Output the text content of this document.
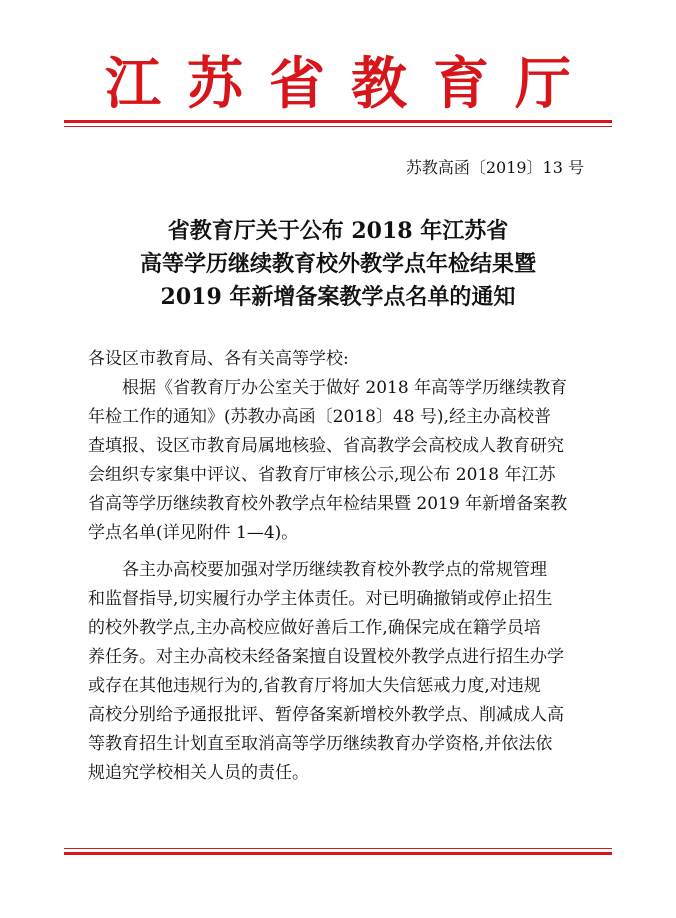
江苏省教育厅
苏教高函〔2019〕13 号
省教育厅关于公布 2018 年江苏省
高等学历继续教育校外教学点年检结果暨
2019 年新增备案教学点名单的通知
各设区市教育局、各有关高等学校:
根据《省教育厅办公室关于做好 2018 年高等学历继续教育
年检工作的通知》(苏教办高函〔2018〕48 号),经主办高校普
查填报、设区市教育局属地核验、省高教学会高校成人教育研究
会组织专家集中评议、省教育厅审核公示,现公布 2018 年江苏
省高等学历继续教育校外教学点年检结果暨 2019 年新增备案教
学点名单(详见附件 1—4)。
各主办高校要加强对学历继续教育校外教学点的常规管理
和监督指导,切实履行办学主体责任。对已明确撤销或停止招生
的校外教学点,主办高校应做好善后工作,确保完成在籍学员培
养任务。对主办高校未经备案擅自设置校外教学点进行招生办学
或存在其他违规行为的,省教育厅将加大失信惩戒力度,对违规
高校分别给予通报批评、暂停备案新增校外教学点、削减成人高
等教育招生计划直至取消高等学历继续教育办学资格,并依法依
规追究学校相关人员的责任。
